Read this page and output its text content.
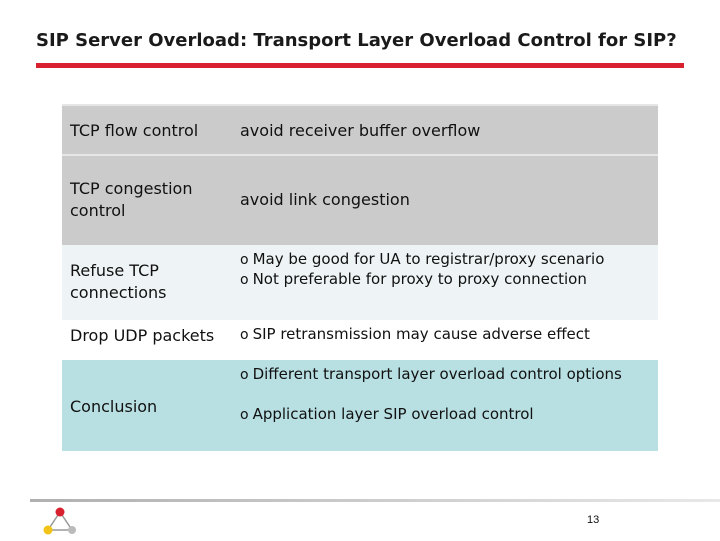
SIP Server Overload: Transport Layer Overload Control for SIP?
TCP flow control	avoid receiver buffer overflow
TCP congestion
control
avoid link congestion
Refuse TCP
connections
o May be good for UA to registrar/proxy scenario
o Not preferable for proxy to proxy connection
Drop UDP packets o SIP retransmission may cause adverse effect
Conclusion
o Different transport layer overload control options
o Application layer SIP overload control
13
